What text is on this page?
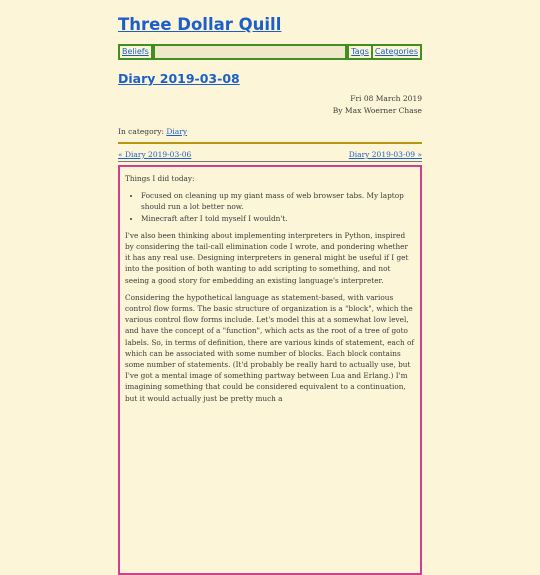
Three Dollar Quill
Beliefs	Tags Categories
Diary 2019-03-08
Fri 08 March 2019
By Max Woerner Chase
In category: Diary
« Diary 2019-03-06	Diary 2019-03-09 »

Things I did today:

• Focused on cleaning up my giant mass of web browser tabs. My laptop should run a lot better now.
• Minecraft after I told myself I wouldn't.

I've also been thinking about implementing interpreters in Python, inspired by considering the tail-call elimination code I wrote, and pondering whether it has any real use. Designing interpreters in general might be useful if I get into the position of both wanting to add scripting to something, and not seeing a good story for embedding an existing language's interpreter.

Considering the hypothetical language as statement-based, with various control flow forms. The basic structure of organization is a "block", which the various control flow forms include. Let's model this at a somewhat low level, and have the concept of a "function", which acts as the root of a tree of goto labels. So, in terms of definition, there are various kinds of statement, each of which can be associated with some number of blocks. Each block contains some number of statements. (It'd probably be really hard to actually use, but I've got a mental image of something partway between Lua and Erlang.) I'm imagining something that could be considered equivalent to a continuation, but it would actually just be pretty much a
